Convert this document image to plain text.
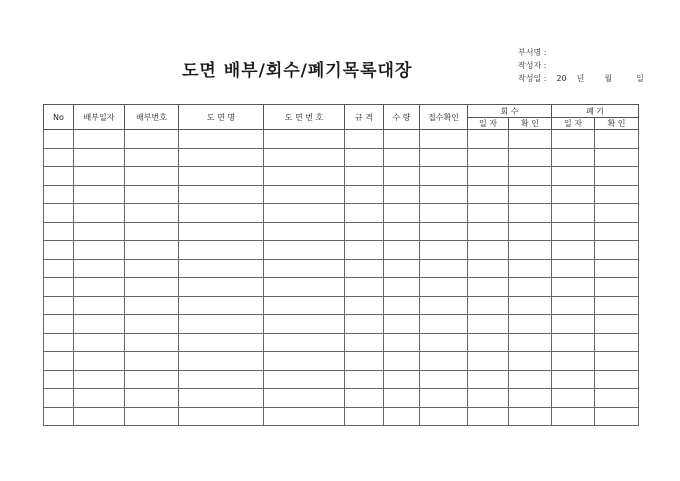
도면 배부/회수/폐기목록대장
부서명 :
작성자 :
작성일 : 20 년	월	일
No	배부일자	배부번호	도 면 명	도 면 번 호	규 격	수 량	접수확인	회 수		폐 기	
								일 자	확 인	일 자	확 인
